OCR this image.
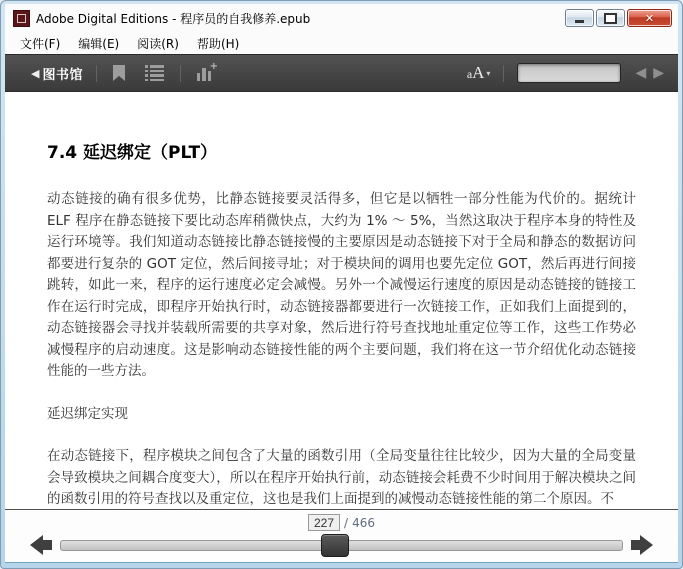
Adobe Digital Editions - 程序员的自我修养.epub	✕
文件(F)	编辑(E)	阅读(R)	帮助(H)
◀ 图书馆
+
a A ▾	◀ ▶
7.4 延迟绑定（PLT）

动态链接的确有很多优势，比静态链接要灵活得多，但它是以牺牲一部分性能为代价的。据统计 ELF 程序在静态链接下要比动态库稍微快点，大约为 1% ～ 5%，当然这取决于程序本身的特性及运行环境等。我们知道动态链接比静态链接慢的主要原因是动态链接下对于全局和静态的数据访问都要进行复杂的 GOT 定位，然后间接寻址；对于模块间的调用也要先定位 GOT，然后再进行间接跳转，如此一来，程序的运行速度必定会减慢。另外一个减慢运行速度的原因是动态链接的链接工作在运行时完成，即程序开始执行时，动态链接器都要进行一次链接工作，正如我们上面提到的，动态链接器会寻找并装载所需要的共享对象，然后进行符号查找地址重定位等工作，这些工作势必减慢程序的启动速度。这是影响动态链接性能的两个主要问题，我们将在这一节介绍优化动态链接性能的一些方法。

延迟绑定实现

在动态链接下，程序模块之间包含了大量的函数引用（全局变量往往比较少，因为大量的全局变量会导致模块之间耦合度变大），所以在程序开始执行前，动态链接会耗费不少时间用于解决模块之间的函数引用的符号查找以及重定位，这也是我们上面提到的减慢动态链接性能的第二个原因。不

227
/ 466
